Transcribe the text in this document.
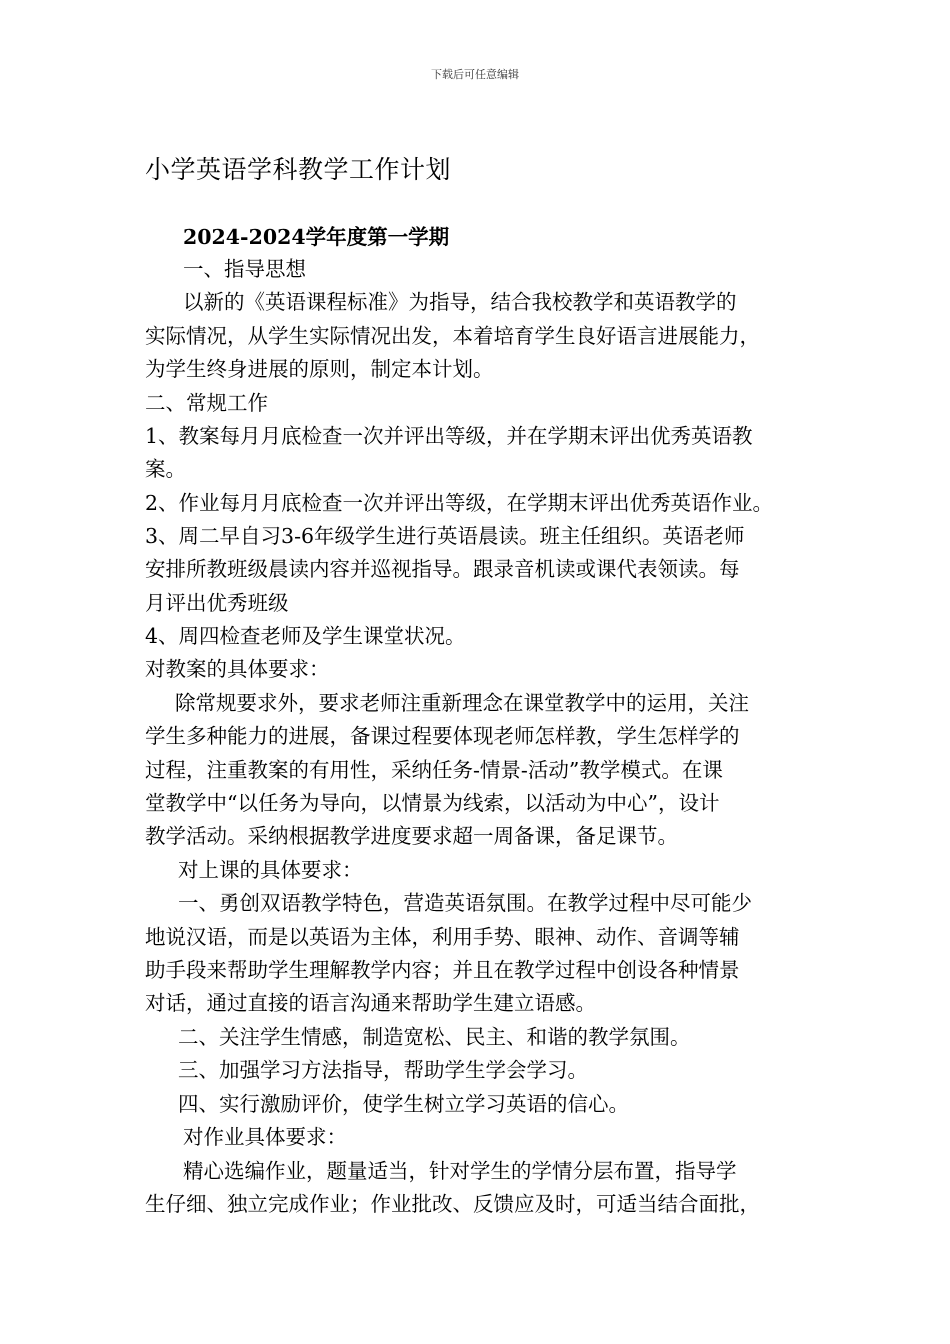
下载后可任意编辑
小学英语学科教学工作计划
2024-2024学年度第一学期
一、指导思想
以新的《英语课程标准》为指导，结合我校教学和英语教学的
实际情况，从学生实际情况出发，本着培育学生良好语言进展能力，
为学生终身进展的原则，制定本计划。
二、常规工作
1、教案每月月底检查一次并评出等级，并在学期末评出优秀英语教
案。
2、作业每月月底检查一次并评出等级，在学期末评出优秀英语作业。
3、周二早自习3-6年级学生进行英语晨读。班主任组织。英语老师
安排所教班级晨读内容并巡视指导。跟录音机读或课代表领读。每
月评出优秀班级
4、周四检查老师及学生课堂状况。
对教案的具体要求：
除常规要求外，要求老师注重新理念在课堂教学中的运用，关注
学生多种能力的进展，备课过程要体现老师怎样教，学生怎样学的
过程，注重教案的有用性，采纳任务-情景-活动”教学模式。在课
堂教学中“以任务为导向，以情景为线索，以活动为中心”，设计
教学活动。采纳根据教学进度要求超一周备课，备足课节。
对上课的具体要求：
一、勇创双语教学特色，营造英语氛围。在教学过程中尽可能少
地说汉语，而是以英语为主体，利用手势、眼神、动作、音调等辅
助手段来帮助学生理解教学内容；并且在教学过程中创设各种情景
对话，通过直接的语言沟通来帮助学生建立语感。
二、关注学生情感，制造宽松、民主、和谐的教学氛围。
三、加强学习方法指导，帮助学生学会学习。
四、实行激励评价，使学生树立学习英语的信心。
对作业具体要求：
精心选编作业，题量适当，针对学生的学情分层布置，指导学
生仔细、独立完成作业；作业批改、反馈应及时，可适当结合面批，
